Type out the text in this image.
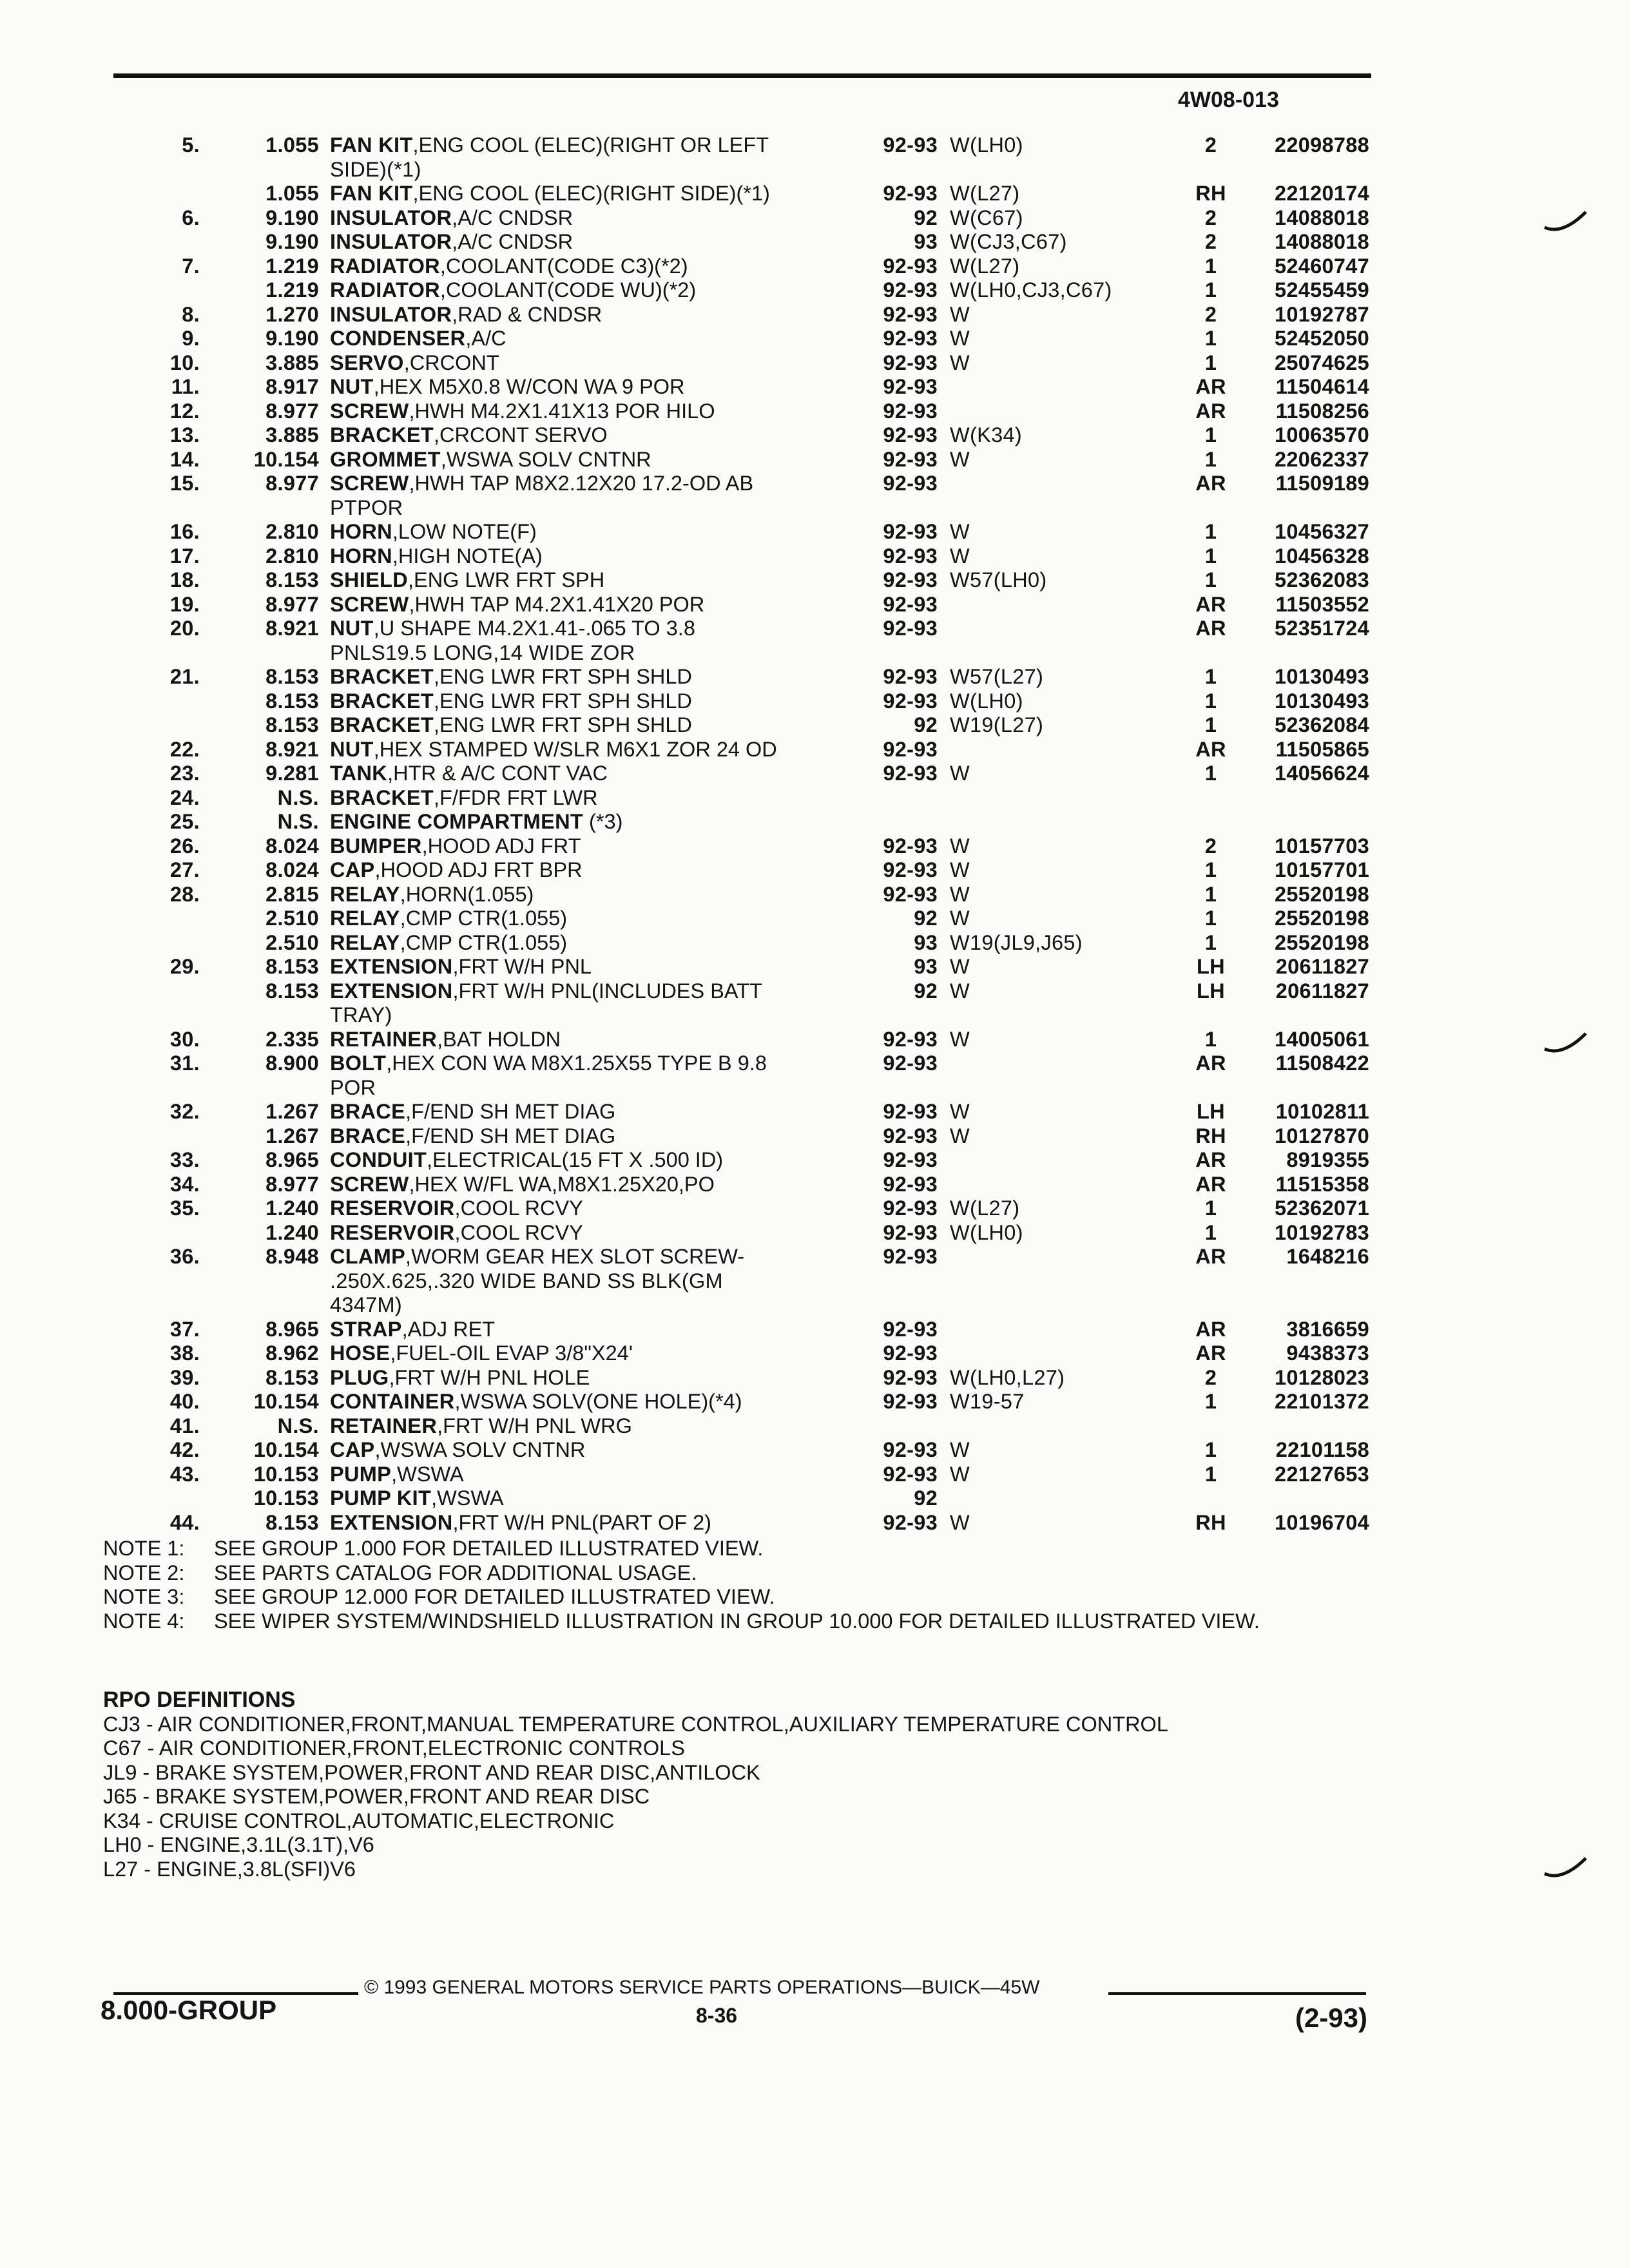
4W08-013
5.	1.055 FAN KIT,ENG COOL (ELEC)(RIGHT OR LEFT
SIDE)(*1)
92-93 W(LH0)	2	22098788
1.055 FAN KIT,ENG COOL (ELEC)(RIGHT SIDE)(*1)	92-93 W(L27)	RH	22120174
6.	9.190 INSULATOR,A/C CNDSR	92 W(C67)	2	14088018
9.190 INSULATOR,A/C CNDSR	93 W(CJ3,C67)	2	14088018
7.	1.219 RADIATOR,COOLANT(CODE C3)(*2)	92-93 W(L27)	1	52460747
1.219 RADIATOR,COOLANT(CODE WU)(*2)	92-93 W(LH0,CJ3,C67)	1	52455459
8.	1.270 INSULATOR,RAD & CNDSR	92-93 W	2	10192787
9.	9.190 CONDENSER,A/C	92-93 W	1	52452050
10.	3.885 SERVO,CRCONT	92-93 W	1	25074625
11.	8.917 NUT,HEX M5X0.8 W/CON WA 9 POR	92-93	AR	11504614
12.	8.977 SCREW,HWH M4.2X1.41X13 POR HILO	92-93	AR	11508256
13.	3.885 BRACKET,CRCONT SERVO	92-93 W(K34)	1	10063570
14.	10.154 GROMMET,WSWA SOLV CNTNR	92-93 W	1	22062337
15.	8.977 SCREW,HWH TAP M8X2.12X20 17.2-OD AB
PTPOR
92-93	AR	11509189
16.	2.810 HORN,LOW NOTE(F)	92-93 W	1	10456327
17.	2.810 HORN,HIGH NOTE(A)	92-93 W	1	10456328
18.	8.153 SHIELD,ENG LWR FRT SPH	92-93 W57(LH0)	1	52362083
19.	8.977 SCREW,HWH TAP M4.2X1.41X20 POR	92-93	AR	11503552
20.	8.921 NUT,U SHAPE M4.2X1.41-.065 TO 3.8
PNLS19.5 LONG,14 WIDE ZOR
92-93	AR	52351724
21.	8.153 BRACKET,ENG LWR FRT SPH SHLD	92-93 W57(L27)	1	10130493
8.153 BRACKET,ENG LWR FRT SPH SHLD	92-93 W(LH0)	1	10130493
8.153 BRACKET,ENG LWR FRT SPH SHLD	92 W19(L27)	1	52362084
22.	8.921 NUT,HEX STAMPED W/SLR M6X1 ZOR 24 OD	92-93	AR	11505865
23.	9.281 TANK,HTR & A/C CONT VAC	92-93 W	1	14056624
24.	N.S. BRACKET,F/FDR FRT LWR
25.	N.S. ENGINE COMPARTMENT (*3)
26.	8.024 BUMPER,HOOD ADJ FRT	92-93 W	2	10157703
27.	8.024 CAP,HOOD ADJ FRT BPR	92-93 W	1	10157701
28.	2.815 RELAY,HORN(1.055)	92-93 W	1	25520198
2.510 RELAY,CMP CTR(1.055)	92 W	1	25520198
2.510 RELAY,CMP CTR(1.055)	93 W19(JL9,J65)	1	25520198
29.	8.153 EXTENSION,FRT W/H PNL	93 W	LH	20611827
8.153 EXTENSION,FRT W/H PNL(INCLUDES BATT
TRAY)
92 W	LH	20611827
30.	2.335 RETAINER,BAT HOLDN	92-93 W	1	14005061
31.	8.900 BOLT,HEX CON WA M8X1.25X55 TYPE B 9.8
POR
92-93	AR	11508422
32.	1.267 BRACE,F/END SH MET DIAG	92-93 W	LH	10102811
1.267 BRACE,F/END SH MET DIAG	92-93 W	RH	10127870
33.	8.965 CONDUIT,ELECTRICAL(15 FT X .500 ID)	92-93	AR	8919355
34.	8.977 SCREW,HEX W/FL WA,M8X1.25X20,PO	92-93	AR	11515358
35.	1.240 RESERVOIR,COOL RCVY	92-93 W(L27)	1	52362071
1.240 RESERVOIR,COOL RCVY	92-93 W(LH0)	1	10192783
36.	8.948 CLAMP,WORM GEAR HEX SLOT SCREW-
.250X.625,.320 WIDE BAND SS BLK(GM
4347M)
92-93	AR	1648216
37.	8.965 STRAP,ADJ RET	92-93	AR	3816659
38.	8.962 HOSE,FUEL-OIL EVAP 3/8"X24'	92-93	AR	9438373
39.	8.153 PLUG,FRT W/H PNL HOLE	92-93 W(LH0,L27)	2	10128023
40.	10.154 CONTAINER,WSWA SOLV(ONE HOLE)(*4)	92-93 W19-57	1	22101372
41.	N.S. RETAINER,FRT W/H PNL WRG
42.	10.154 CAP,WSWA SOLV CNTNR	92-93 W	1	22101158
43.	10.153 PUMP,WSWA	92-93 W	1	22127653
10.153 PUMP KIT,WSWA	92
44.	8.153 EXTENSION,FRT W/H PNL(PART OF 2)	92-93 W	RH	10196704
NOTE 1:	SEE GROUP 1.000 FOR DETAILED ILLUSTRATED VIEW.
NOTE 2:	SEE PARTS CATALOG FOR ADDITIONAL USAGE.
NOTE 3:	SEE GROUP 12.000 FOR DETAILED ILLUSTRATED VIEW.
NOTE 4:	SEE WIPER SYSTEM/WINDSHIELD ILLUSTRATION IN GROUP 10.000 FOR DETAILED ILLUSTRATED VIEW.
RPO DEFINITIONS
CJ3 - AIR CONDITIONER,FRONT,MANUAL TEMPERATURE CONTROL,AUXILIARY TEMPERATURE CONTROL
C67 - AIR CONDITIONER,FRONT,ELECTRONIC CONTROLS
JL9 - BRAKE SYSTEM,POWER,FRONT AND REAR DISC,ANTILOCK
J65 - BRAKE SYSTEM,POWER,FRONT AND REAR DISC
K34 - CRUISE CONTROL,AUTOMATIC,ELECTRONIC
LH0 - ENGINE,3.1L(3.1T),V6
L27 - ENGINE,3.8L(SFI)V6
© 1993 GENERAL MOTORS SERVICE PARTS OPERATIONS—BUICK—45W
8.000-GROUP	8-36	(2-93)
